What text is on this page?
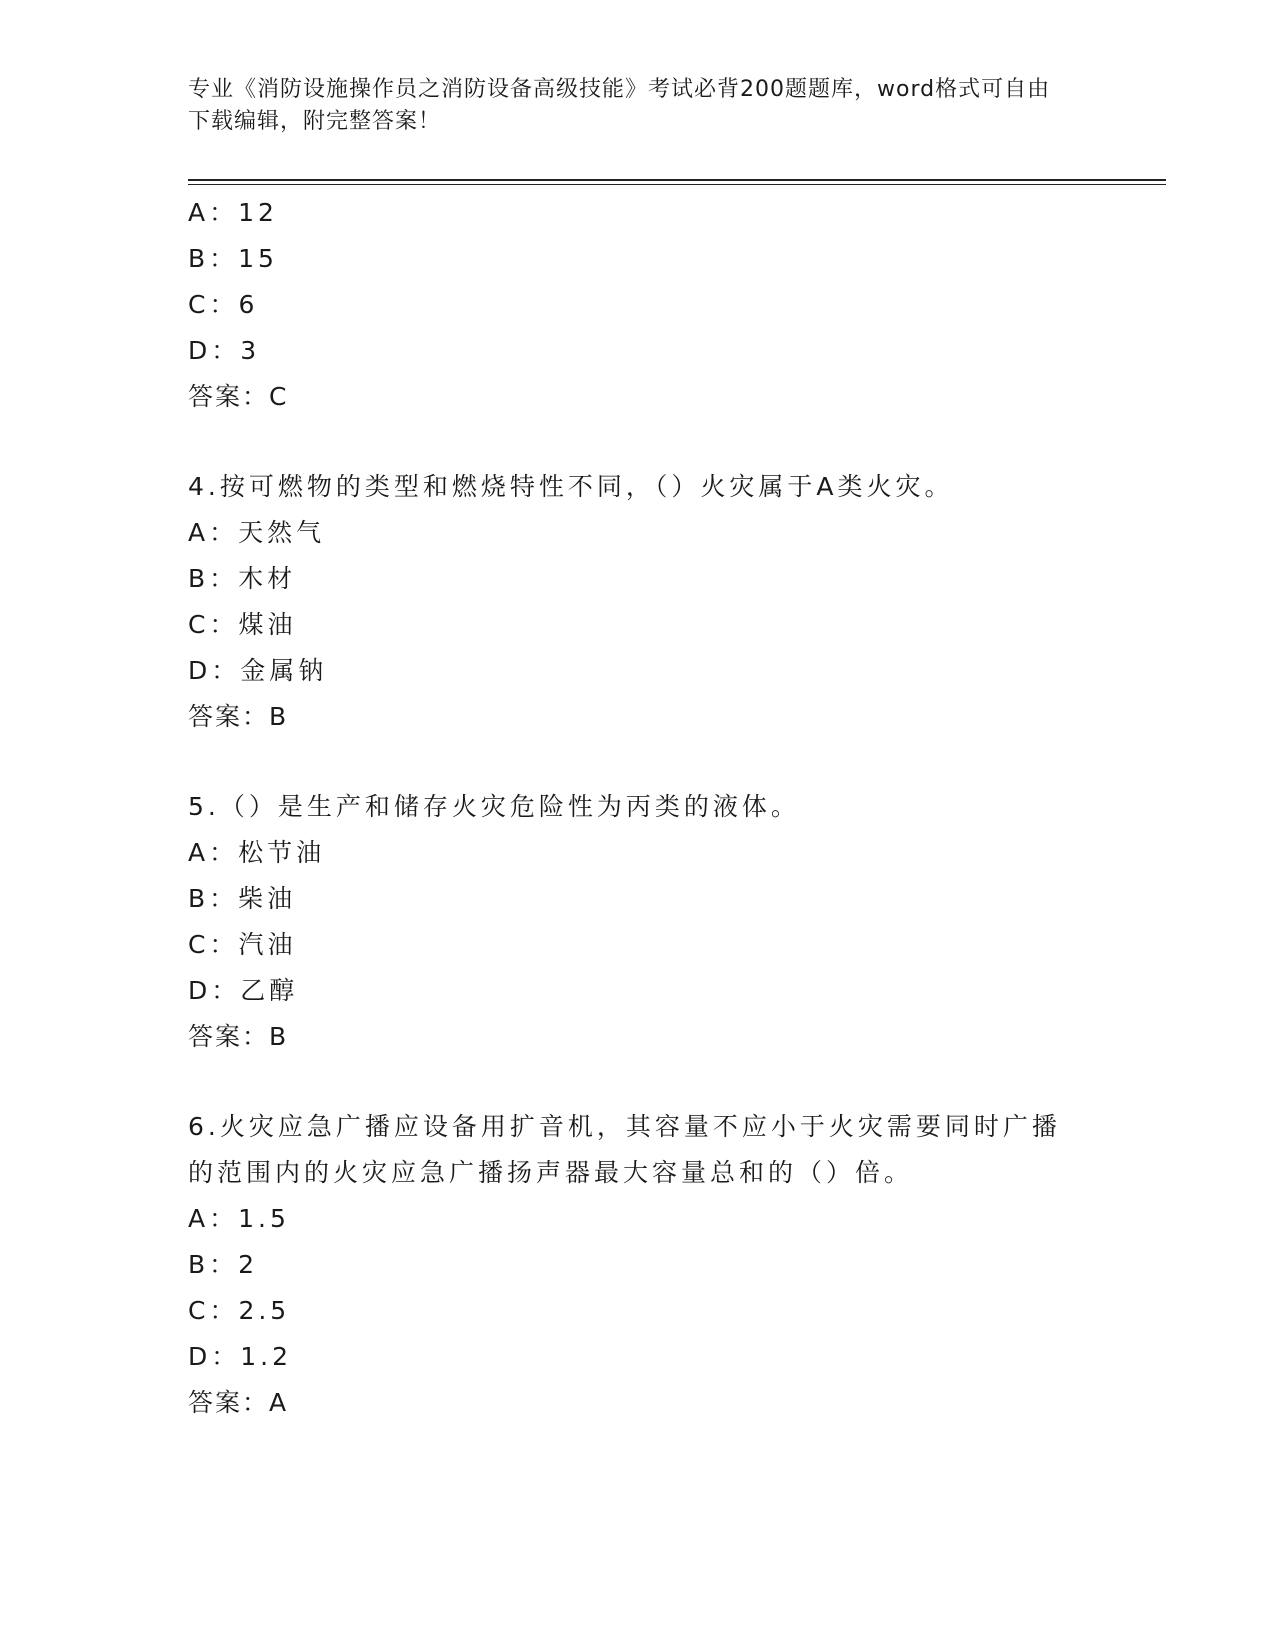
专业《消防设施操作员之消防设备高级技能》考试必背200题题库，word格式可自由下载编辑，附完整答案！
A：12
B：15
C：6
D：3
答案：C
4.按可燃物的类型和燃烧特性不同，（）火灾属于A类火灾。
A：天然气
B：木材
C：煤油
D：金属钠
答案：B
5.（）是生产和储存火灾危险性为丙类的液体。
A：松节油
B：柴油
C：汽油
D：乙醇
答案：B
6.火灾应急广播应设备用扩音机，其容量不应小于火灾需要同时广播
的范围内的火灾应急广播扬声器最大容量总和的（）倍。
A：1.5
B：2
C：2.5
D：1.2
答案：A
